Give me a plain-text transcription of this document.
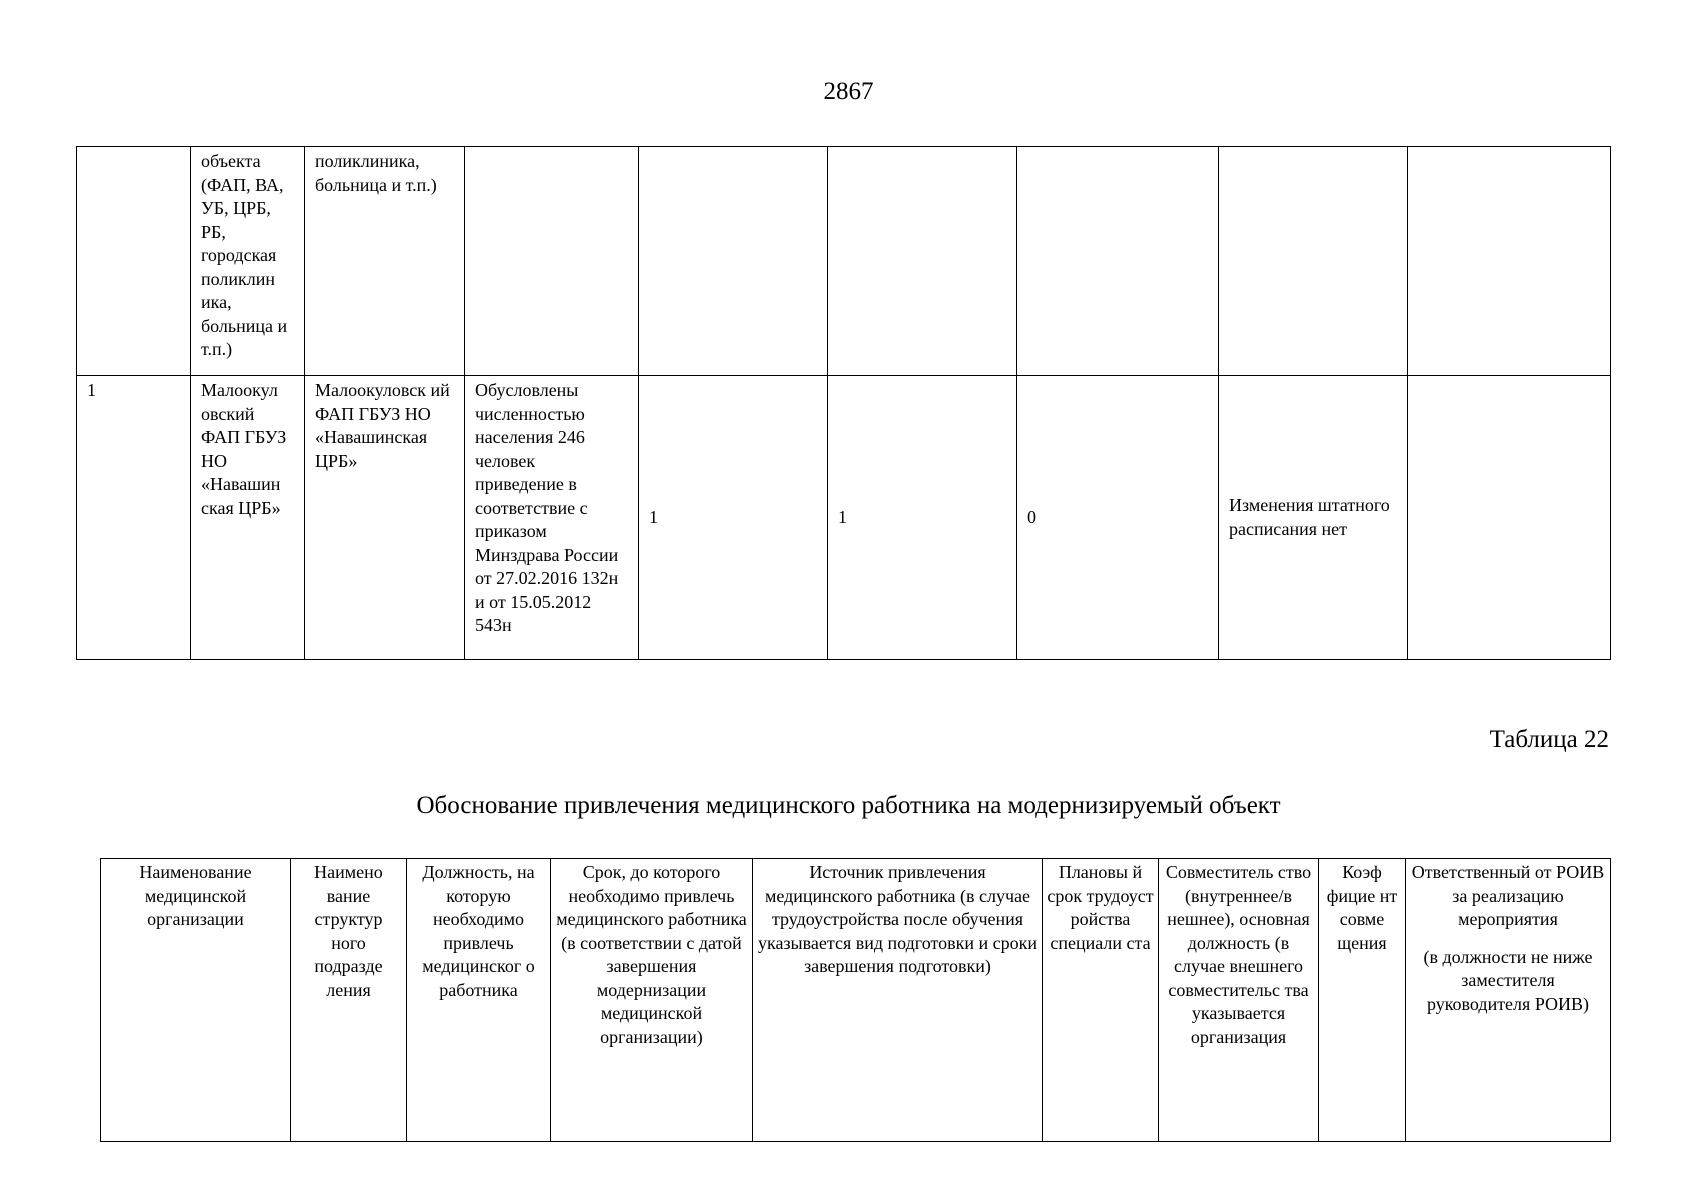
2867
	объекта (ФАП, ВА, УБ, ЦРБ, РБ, городская поликлин ика, больница и т.п.)	поликлиника, больница и т.п.)						
1	Малоокул овский ФАП ГБУЗ НО «Навашин ская ЦРБ»	Малоокуловск ий ФАП ГБУЗ НО «Навашинская ЦРБ»	Обусловлены численностью населения 246 человек приведение в соответствие с приказом Минздрава России от 27.02.2016 132н и от 15.05.2012 543н	1	1	0	Изменения штатного расписания нет	
Таблица 22
Обоснование привлечения медицинского работника на модернизируемый объект
Наименование медицинской организации	Наимено вание структур ного подразде ления	Должность, на которую необходимо привлечь медицинског о работника	Срок, до которого необходимо привлечь медицинского работника (в соответствии с датой завершения модернизации медицинской организации)	Источник привлечения медицинского работника (в случае трудоустройства после обучения указывается вид подготовки и сроки завершения подготовки)	Плановы й срок трудоуст ройства специали ста	Совместитель ство (внутреннее/в нешнее), основная должность (в случае внешнего совместительс тва указывается организация	Коэф фицие нт совме щения	Ответственный от РОИВ за реализацию мероприятия
(в должности не ниже заместителя руководителя РОИВ)
